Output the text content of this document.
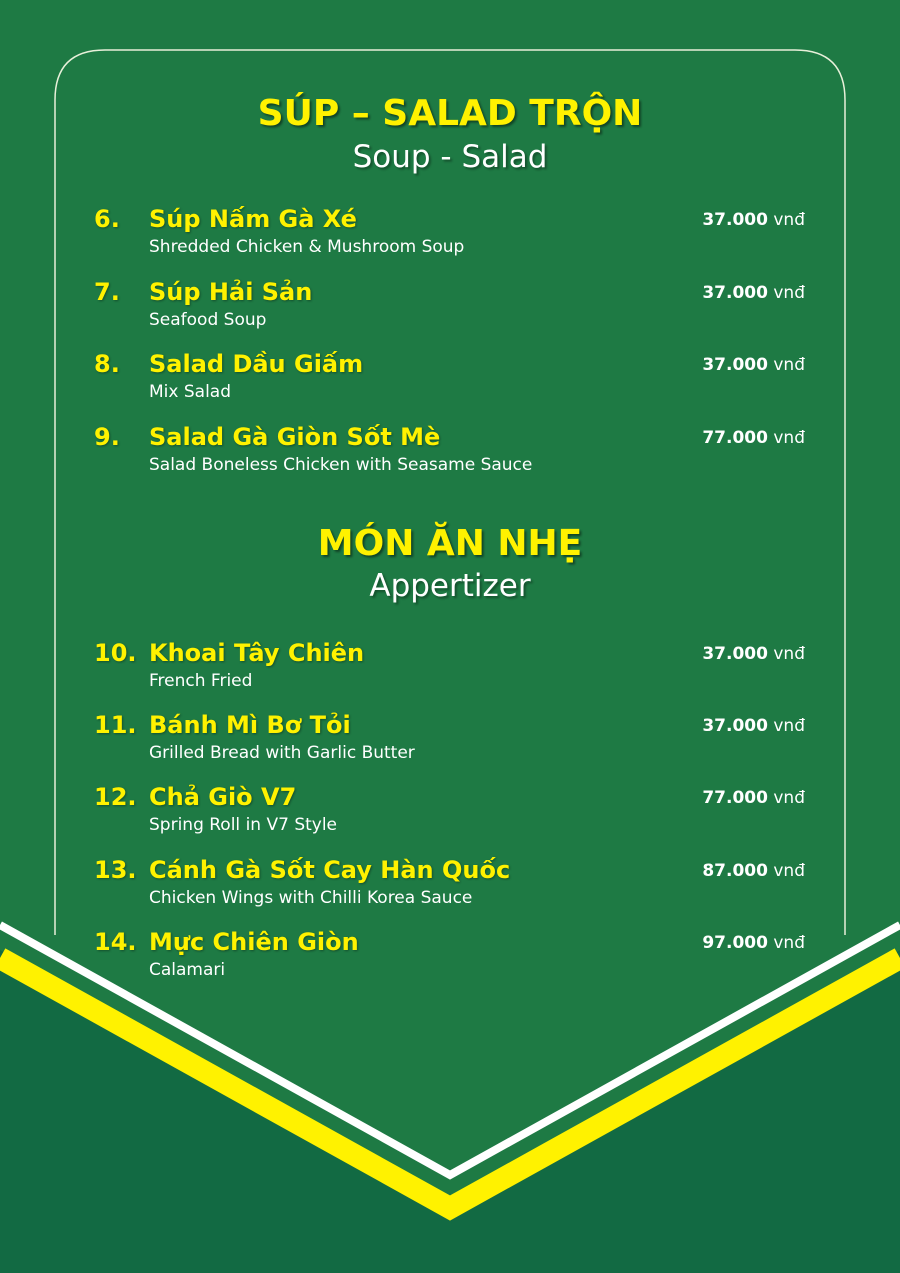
SÚP – SALAD TRỘN
Soup - Salad
6. Súp Nấm Gà Xé
Shredded Chicken & Mushroom Soup
37.000 vnđ
7. Súp Hải Sản
Seafood Soup
37.000 vnđ
8. Salad Dầu Giấm
Mix Salad
37.000 vnđ
9. Salad Gà Giòn Sốt Mè
Salad Boneless Chicken with Seasame Sauce
77.000 vnđ
MÓN ĂN NHẸ
Appertizer
10. Khoai Tây Chiên
French Fried
37.000 vnđ
11. Bánh Mì Bơ Tỏi
Grilled Bread with Garlic Butter
37.000 vnđ
12. Chả Giò V7
Spring Roll in V7 Style
77.000 vnđ
13. Cánh Gà Sốt Cay Hàn Quốc
Chicken Wings with Chilli Korea Sauce
87.000 vnđ
14. Mực Chiên Giòn
Calamari
97.000 vnđ
